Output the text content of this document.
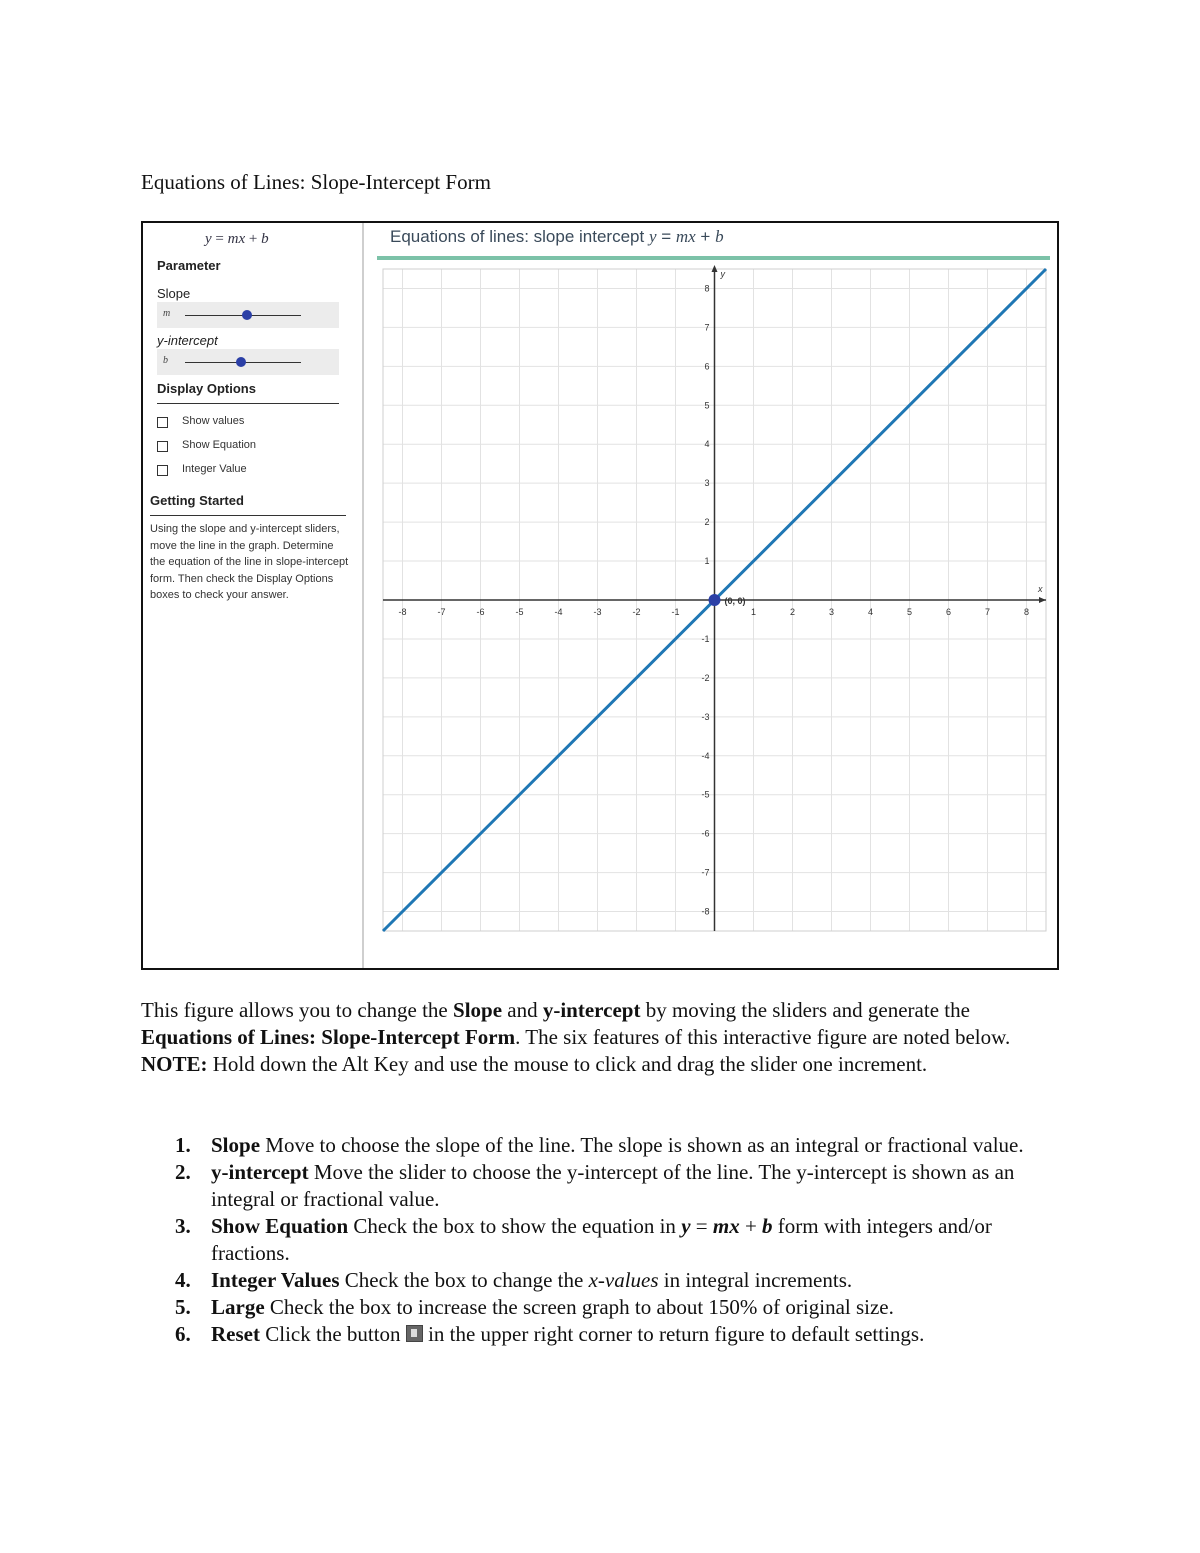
Equations of Lines: Slope-Intercept Form
y = mx + b
Parameter
Slope
m
y-intercept
b
Display Options
Show values
Show Equation
Integer Value
Getting Started
Using the slope and y-intercept sliders, move the line in the graph. Determine the equation of the line in slope-intercept form. Then check the Display Options boxes to check your answer.
Equations of lines: slope intercept y = mx + b
x
y
-8	-7	-6	-5	-4	-3	-2	-1	1	2	3	4	5	6	7	8
8
7
6
5
4
3
2
1
-1
-2
-3
-4
-5
-6
-7
-8
(0, 0)
This figure allows you to change the Slope and y-intercept by moving the sliders and generate the Equations of Lines: Slope-Intercept Form. The six features of this interactive figure are noted below. NOTE: Hold down the Alt Key and use the mouse to click and drag the slider one increment.
1. Slope Move to choose the slope of the line. The slope is shown as an integral or fractional value.
2. y-intercept Move the slider to choose the y-intercept of the line. The y-intercept is shown as an integral or fractional value.
3. Show Equation Check the box to show the equation in y = mx + b form with integers and/or fractions.
4. Integer Values Check the box to change the x-values in integral increments.
5. Large Check the box to increase the screen graph to about 150% of original size.
6. Reset Click the button  in the upper right corner to return figure to default settings.
